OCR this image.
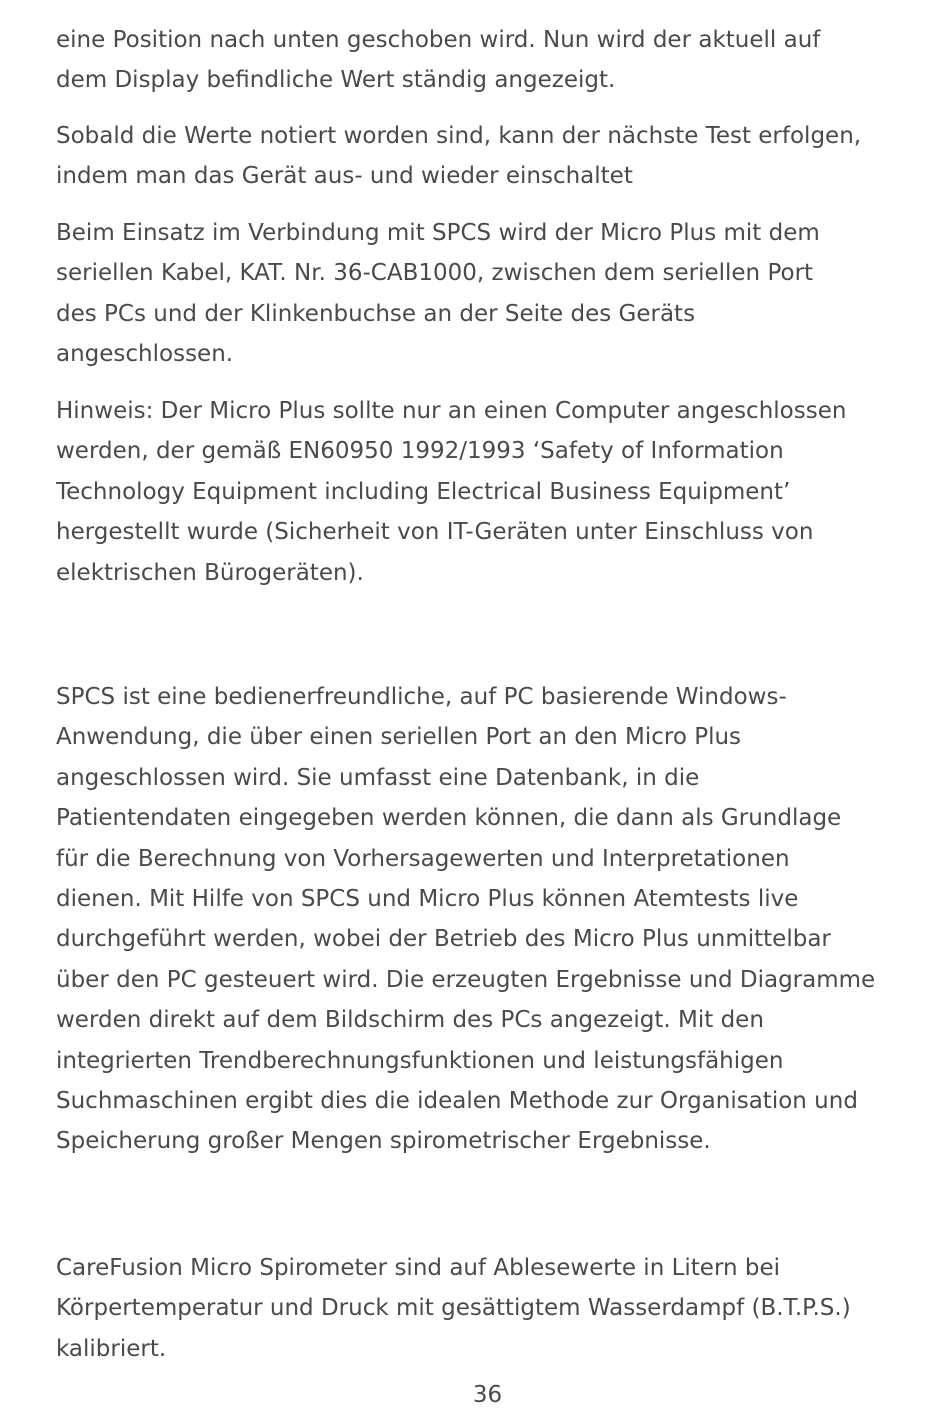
eine Position nach unten geschoben wird. Nun wird der aktuell auf
dem Display befindliche Wert ständig angezeigt.

Sobald die Werte notiert worden sind, kann der nächste Test erfolgen,
indem man das Gerät aus- und wieder einschaltet

Beim Einsatz im Verbindung mit SPCS wird der Micro Plus mit dem
seriellen Kabel, KAT. Nr. 36-CAB1000, zwischen dem seriellen Port
des PCs und der Klinkenbuchse an der Seite des Geräts
angeschlossen.

Hinweis: Der Micro Plus sollte nur an einen Computer angeschlossen
werden, der gemäß EN60950 1992/1993 ‘Safety of Information
Technology Equipment including Electrical Business Equipment’
hergestellt wurde (Sicherheit von IT-Geräten unter Einschluss von
elektrischen Bürogeräten).

SPCS ist eine bedienerfreundliche, auf PC basierende Windows-
Anwendung, die über einen seriellen Port an den Micro Plus
angeschlossen wird. Sie umfasst eine Datenbank, in die
Patientendaten eingegeben werden können, die dann als Grundlage
für die Berechnung von Vorhersagewerten und Interpretationen
dienen. Mit Hilfe von SPCS und Micro Plus können Atemtests live
durchgeführt werden, wobei der Betrieb des Micro Plus unmittelbar
über den PC gesteuert wird. Die erzeugten Ergebnisse und Diagramme
werden direkt auf dem Bildschirm des PCs angezeigt. Mit den
integrierten Trendberechnungsfunktionen und leistungsfähigen
Suchmaschinen ergibt dies die idealen Methode zur Organisation und
Speicherung großer Mengen spirometrischer Ergebnisse.

CareFusion Micro Spirometer sind auf Ablesewerte in Litern bei
Körpertemperatur und Druck mit gesättigtem Wasserdampf (B.T.P.S.)
kalibriert.

36
